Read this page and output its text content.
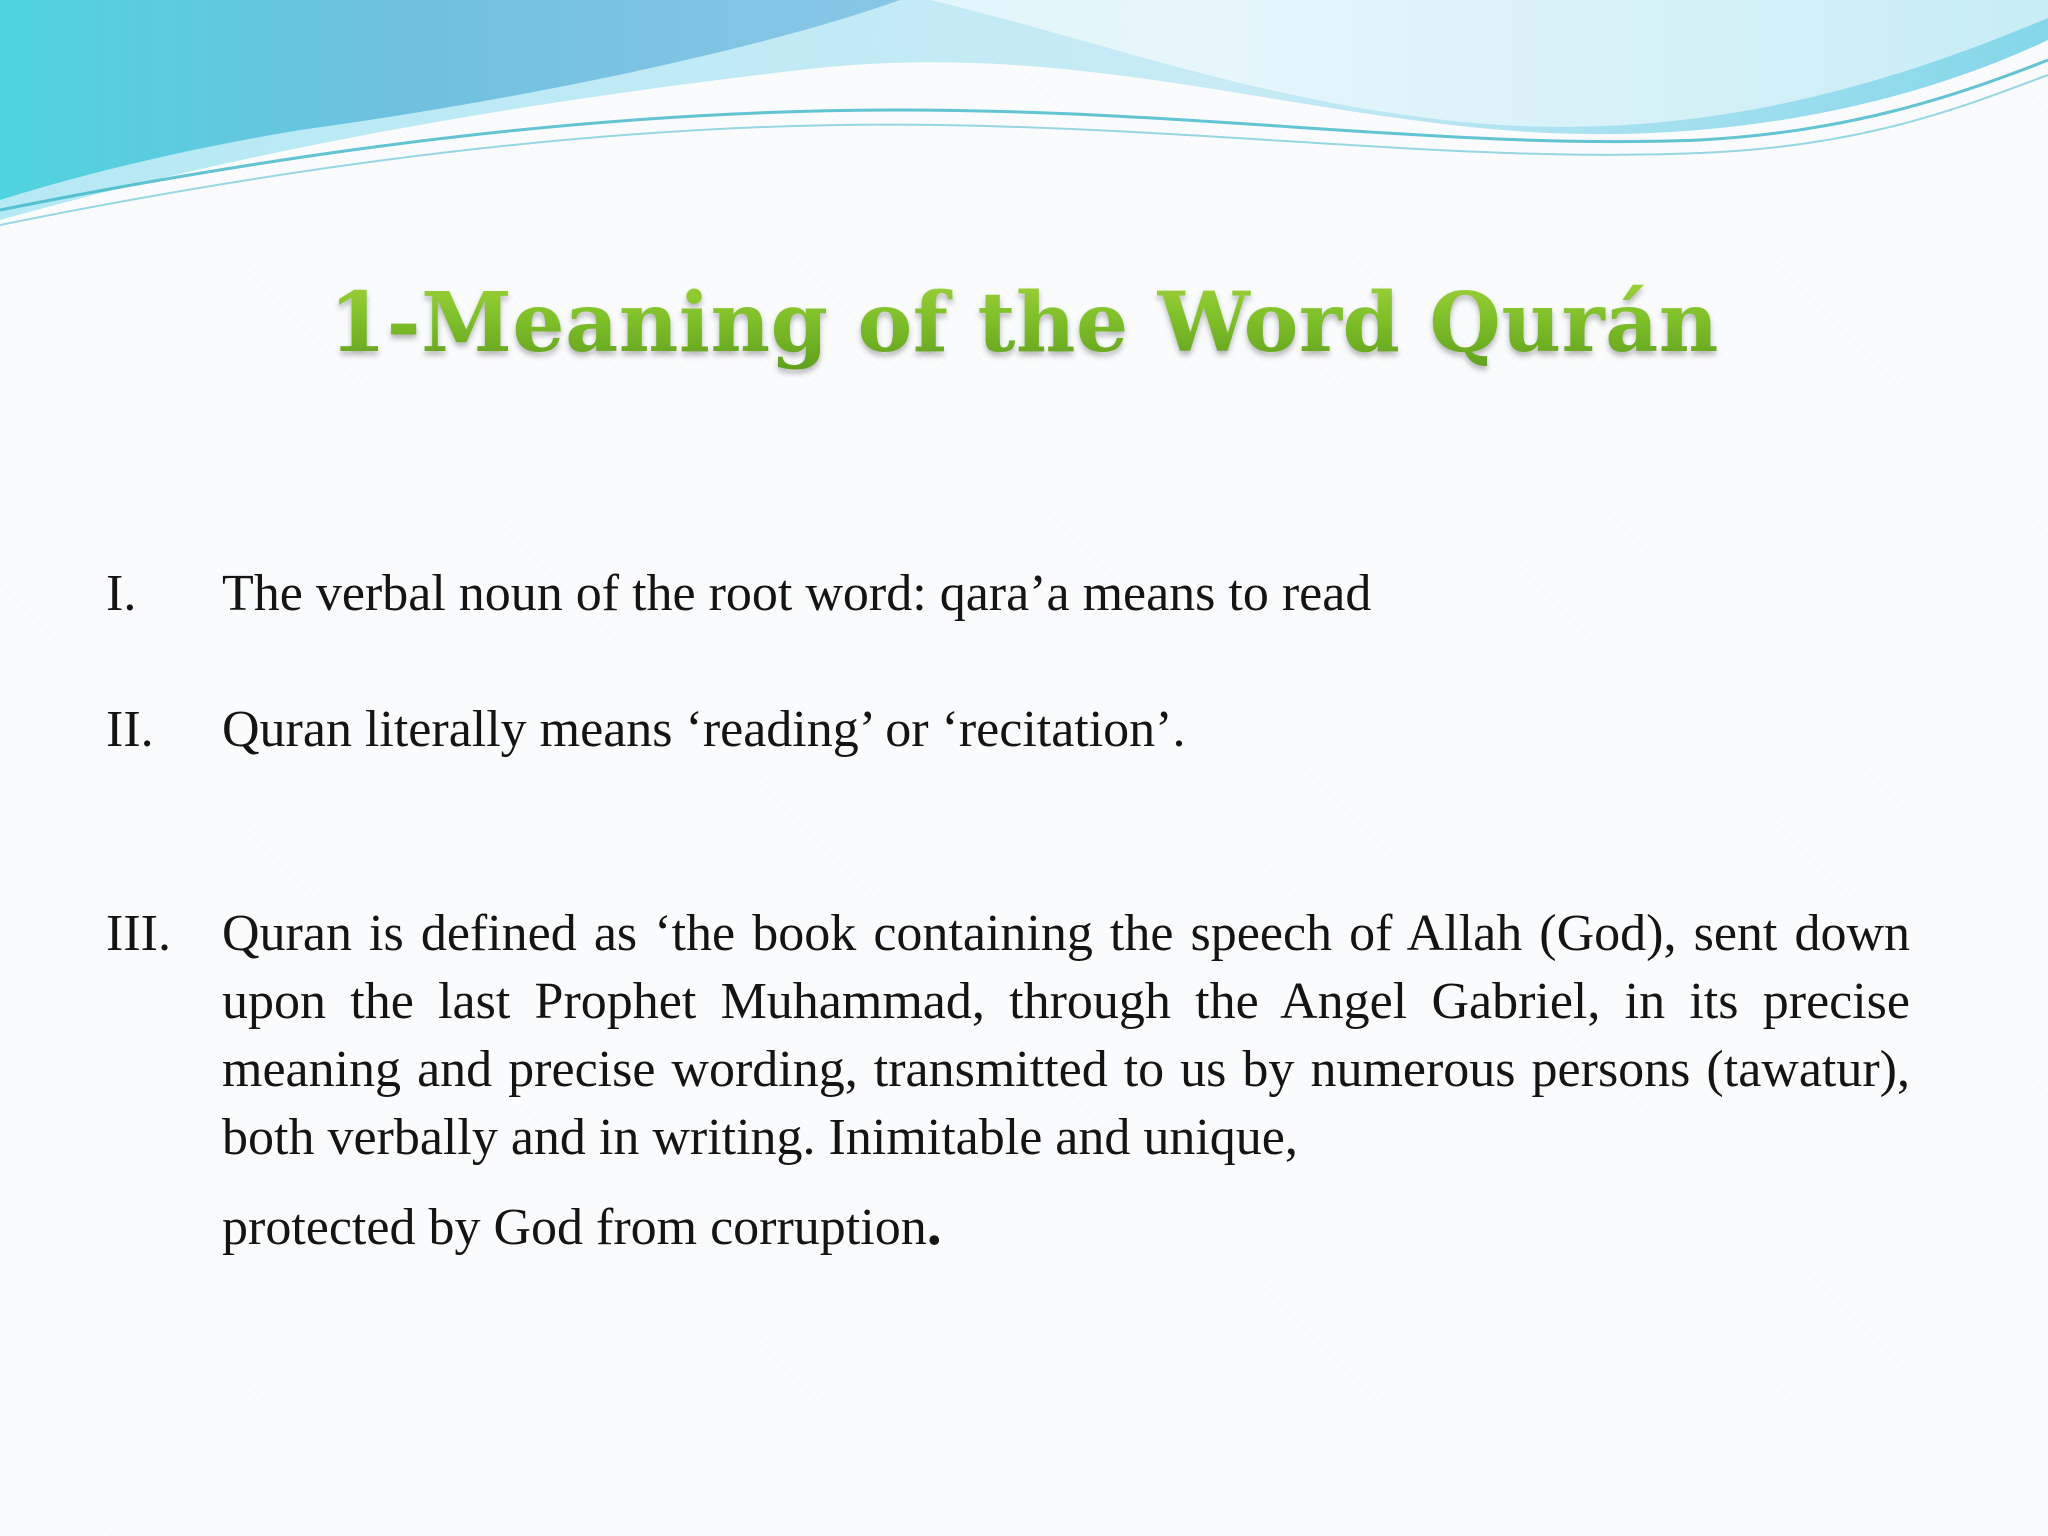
1-Meaning of the Word Qurán
I.	The verbal noun of the root word: qara’a means to read
II.	Quran literally means ‘reading’ or ‘recitation’.
III. Quran is defined as ‘the book containing the speech of Allah (God), sent down upon the last Prophet Muhammad, through the Angel Gabriel, in its precise meaning and precise wording, transmitted to us by numerous persons (tawatur), both verbally and in writing. Inimitable and unique,
protected by God from corruption.
